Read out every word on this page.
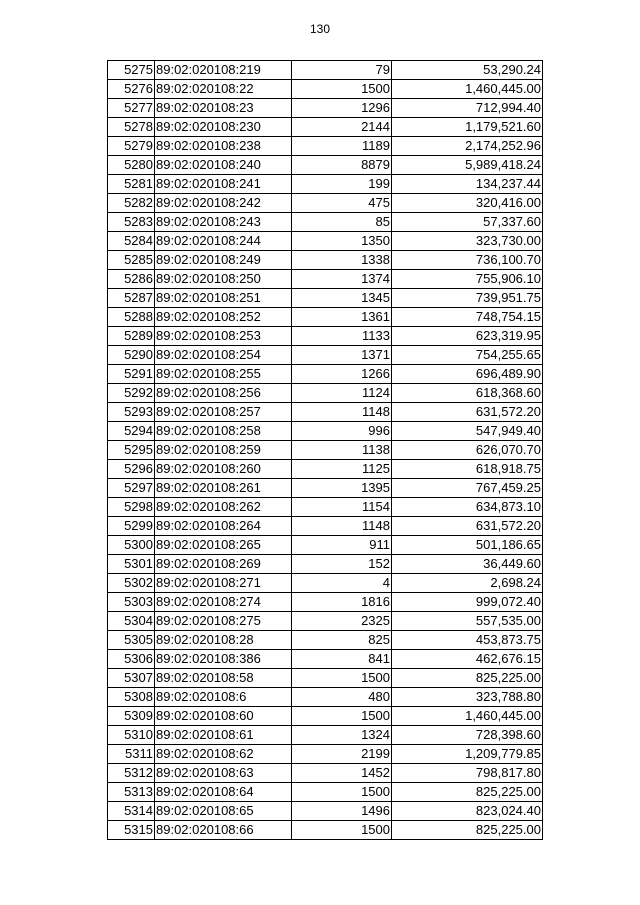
130
5275	89:02:020108:219	79	53,290.24
5276	89:02:020108:22	1500	1,460,445.00
5277	89:02:020108:23	1296	712,994.40
5278	89:02:020108:230	2144	1,179,521.60
5279	89:02:020108:238	1189	2,174,252.96
5280	89:02:020108:240	8879	5,989,418.24
5281	89:02:020108:241	199	134,237.44
5282	89:02:020108:242	475	320,416.00
5283	89:02:020108:243	85	57,337.60
5284	89:02:020108:244	1350	323,730.00
5285	89:02:020108:249	1338	736,100.70
5286	89:02:020108:250	1374	755,906.10
5287	89:02:020108:251	1345	739,951.75
5288	89:02:020108:252	1361	748,754.15
5289	89:02:020108:253	1133	623,319.95
5290	89:02:020108:254	1371	754,255.65
5291	89:02:020108:255	1266	696,489.90
5292	89:02:020108:256	1124	618,368.60
5293	89:02:020108:257	1148	631,572.20
5294	89:02:020108:258	996	547,949.40
5295	89:02:020108:259	1138	626,070.70
5296	89:02:020108:260	1125	618,918.75
5297	89:02:020108:261	1395	767,459.25
5298	89:02:020108:262	1154	634,873.10
5299	89:02:020108:264	1148	631,572.20
5300	89:02:020108:265	911	501,186.65
5301	89:02:020108:269	152	36,449.60
5302	89:02:020108:271	4	2,698.24
5303	89:02:020108:274	1816	999,072.40
5304	89:02:020108:275	2325	557,535.00
5305	89:02:020108:28	825	453,873.75
5306	89:02:020108:386	841	462,676.15
5307	89:02:020108:58	1500	825,225.00
5308	89:02:020108:6	480	323,788.80
5309	89:02:020108:60	1500	1,460,445.00
5310	89:02:020108:61	1324	728,398.60
5311	89:02:020108:62	2199	1,209,779.85
5312	89:02:020108:63	1452	798,817.80
5313	89:02:020108:64	1500	825,225.00
5314	89:02:020108:65	1496	823,024.40
5315	89:02:020108:66	1500	825,225.00
